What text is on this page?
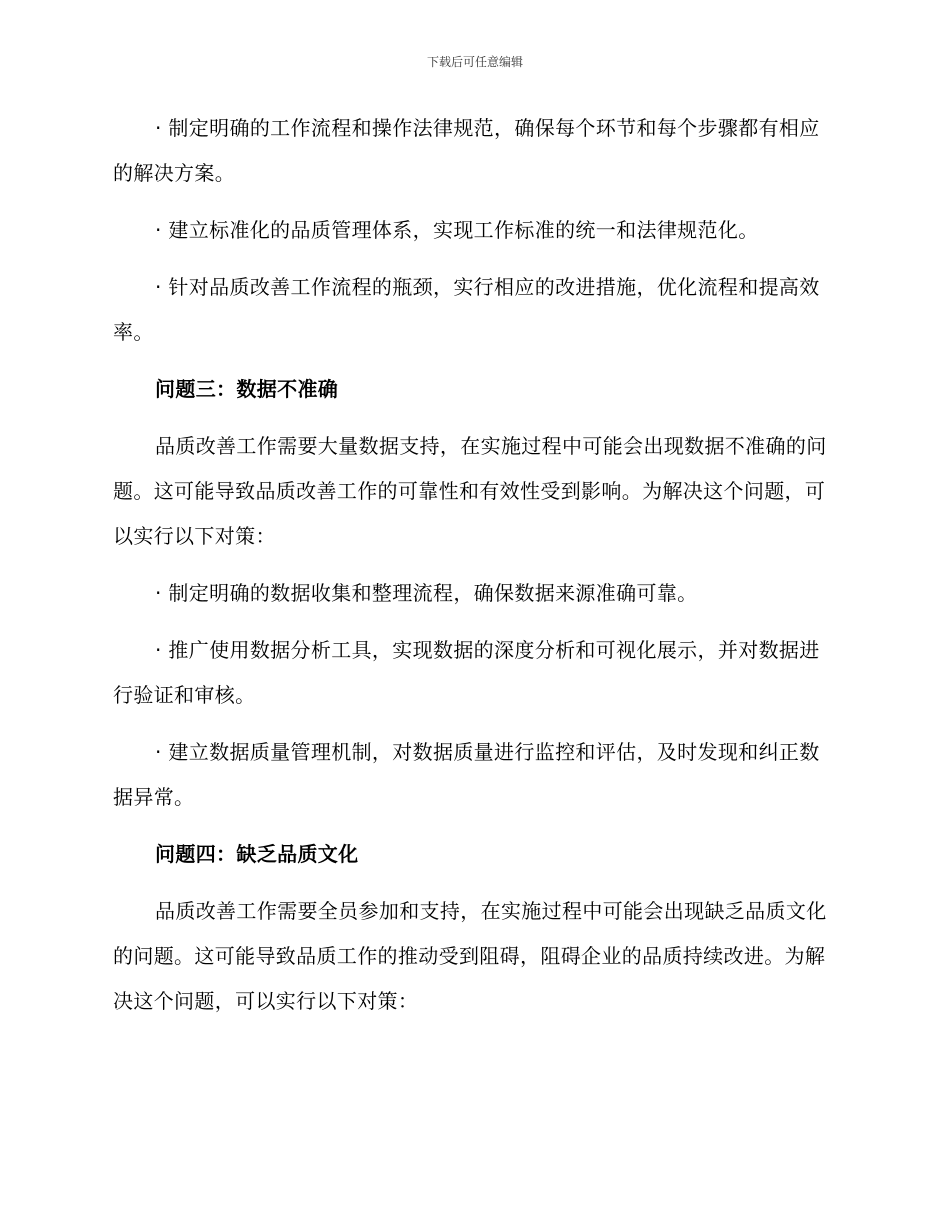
下载后可任意编辑

· 制定明确的工作流程和操作法律规范，确保每个环节和每个步骤都有相应的解决方案。

· 建立标准化的品质管理体系，实现工作标准的统一和法律规范化。

· 针对品质改善工作流程的瓶颈，实行相应的改进措施，优化流程和提高效率。

问题三：数据不准确

品质改善工作需要大量数据支持，在实施过程中可能会出现数据不准确的问题。这可能导致品质改善工作的可靠性和有效性受到影响。为解决这个问题，可以实行以下对策：

· 制定明确的数据收集和整理流程，确保数据来源准确可靠。

· 推广使用数据分析工具，实现数据的深度分析和可视化展示，并对数据进行验证和审核。

· 建立数据质量管理机制，对数据质量进行监控和评估，及时发现和纠正数据异常。

问题四：缺乏品质文化

品质改善工作需要全员参加和支持，在实施过程中可能会出现缺乏品质文化的问题。这可能导致品质工作的推动受到阻碍，阻碍企业的品质持续改进。为解决这个问题，可以实行以下对策：
